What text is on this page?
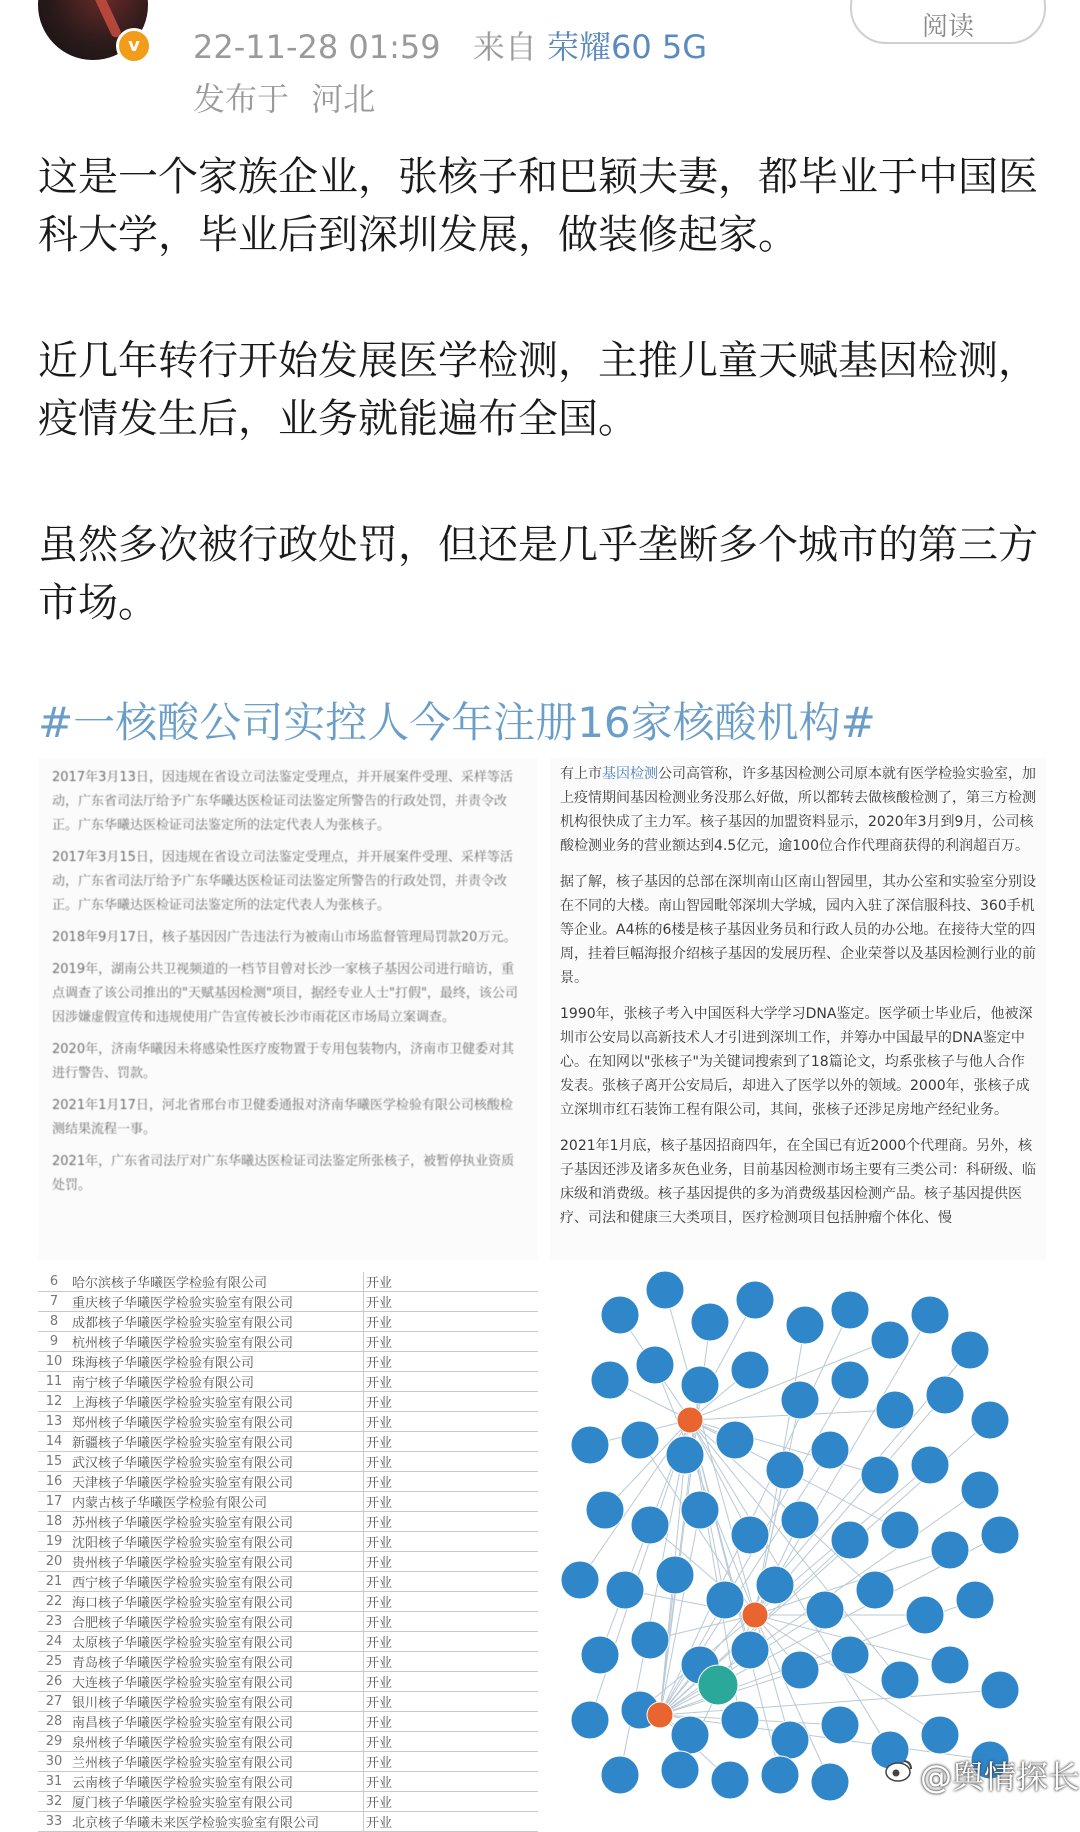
v	22-11-28 01:59 来自 荣耀60 5G
发布于 河北
阅读
这是一个家族企业，张核子和巴颖夫妻，都毕业于中国医科大学，毕业后到深圳发展，做装修起家。
近几年转行开始发展医学检测，主推儿童天赋基因检测，疫情发生后，业务就能遍布全国。
虽然多次被行政处罚，但还是几乎垄断多个城市的第三方市场。
#一核酸公司实控人今年注册16家核酸机构#

2017年3月13日，因违规在省设立司法鉴定受理点，并开展案件受理、采样等活动，广东省司法厅给予广东华曦达医检证司法鉴定所警告的行政处罚，并责令改正。广东华曦达医检证司法鉴定所的法定代表人为张核子。

2017年3月15日，因违规在省设立司法鉴定受理点，并开展案件受理、采样等活动，广东省司法厅给予广东华曦达医检证司法鉴定所警告的行政处罚，并责令改正。广东华曦达医检证司法鉴定所的法定代表人为张核子。

2018年9月17日，核子基因因广告违法行为被南山市场监督管理局罚款20万元。

2019年，湖南公共卫视频道的一档节目曾对长沙一家核子基因公司进行暗访，重点调查了该公司推出的"天赋基因检测"项目，据经专业人士"打假"，最终，该公司因涉嫌虚假宣传和违规使用广告宣传被长沙市雨花区市场局立案调查。

2020年，济南华曦因未将感染性医疗废物置于专用包装物内，济南市卫健委对其进行警告、罚款。

2021年1月17日，河北省邢台市卫健委通报对济南华曦医学检验有限公司核酸检测结果流程一事。

2021年，广东省司法厅对广东华曦达医检证司法鉴定所张核子，被暂停执业资质处罚。

有上市基因检测公司高管称，许多基因检测公司原本就有医学检验实验室，加上疫情期间基因检测业务没那么好做，所以都转去做核酸检测了，第三方检测机构很快成了主力军。核子基因的加盟资料显示，2020年3月到9月，公司核酸检测业务的营业额达到4.5亿元，逾100位合作代理商获得的利润超百万。

据了解，核子基因的总部在深圳南山区南山智园里，其办公室和实验室分别设在不同的大楼。南山智园毗邻深圳大学城，园内入驻了深信服科技、360手机等企业。A4栋的6楼是核子基因业务员和行政人员的办公地。在接待大堂的四周，挂着巨幅海报介绍核子基因的发展历程、企业荣誉以及基因检测行业的前景。

1990年，张核子考入中国医科大学学习DNA鉴定。医学硕士毕业后，他被深圳市公安局以高新技术人才引进到深圳工作，并筹办中国最早的DNA鉴定中心。在知网以"张核子"为关键词搜索到了18篇论文，均系张核子与他人合作发表。张核子离开公安局后，却进入了医学以外的领域。2000年，张核子成立深圳市红石装饰工程有限公司，其间，张核子还涉足房地产经纪业务。

2021年1月底，核子基因招商四年，在全国已有近2000个代理商。另外，核子基因还涉及诸多灰色业务，目前基因检测市场主要有三类公司：科研级、临床级和消费级。核子基因提供的多为消费级基因检测产品。核子基因提供医疗、司法和健康三大类项目，医疗检测项目包括肿瘤个体化、慢

6	哈尔滨核子华曦医学检验有限公司	开业
7	重庆核子华曦医学检验实验室有限公司	开业
8	成都核子华曦医学检验实验室有限公司	开业
9	杭州核子华曦医学检验实验室有限公司	开业
10	珠海核子华曦医学检验有限公司	开业
11	南宁核子华曦医学检验有限公司	开业
12	上海核子华曦医学检验实验室有限公司	开业
13	郑州核子华曦医学检验实验室有限公司	开业
14	新疆核子华曦医学检验实验室有限公司	开业
15	武汉核子华曦医学检验实验室有限公司	开业
16	天津核子华曦医学检验实验室有限公司	开业
17	内蒙古核子华曦医学检验有限公司	开业
18	苏州核子华曦医学检验实验室有限公司	开业
19	沈阳核子华曦医学检验实验室有限公司	开业
20	贵州核子华曦医学检验实验室有限公司	开业
21	西宁核子华曦医学检验实验室有限公司	开业
22	海口核子华曦医学检验实验室有限公司	开业
23	合肥核子华曦医学检验实验室有限公司	开业
24	太原核子华曦医学检验实验室有限公司	开业
25	青岛核子华曦医学检验实验室有限公司	开业
26	大连核子华曦医学检验实验室有限公司	开业
27	银川核子华曦医学检验实验室有限公司	开业
28	南昌核子华曦医学检验实验室有限公司	开业
29	泉州核子华曦医学检验实验室有限公司	开业
30	兰州核子华曦医学检验实验室有限公司	开业
31	云南核子华曦医学检验实验室有限公司	开业
32	厦门核子华曦医学检验实验室有限公司	开业
33	北京核子华曦未来医学检验实验室有限公司	开业
@舆情探长
